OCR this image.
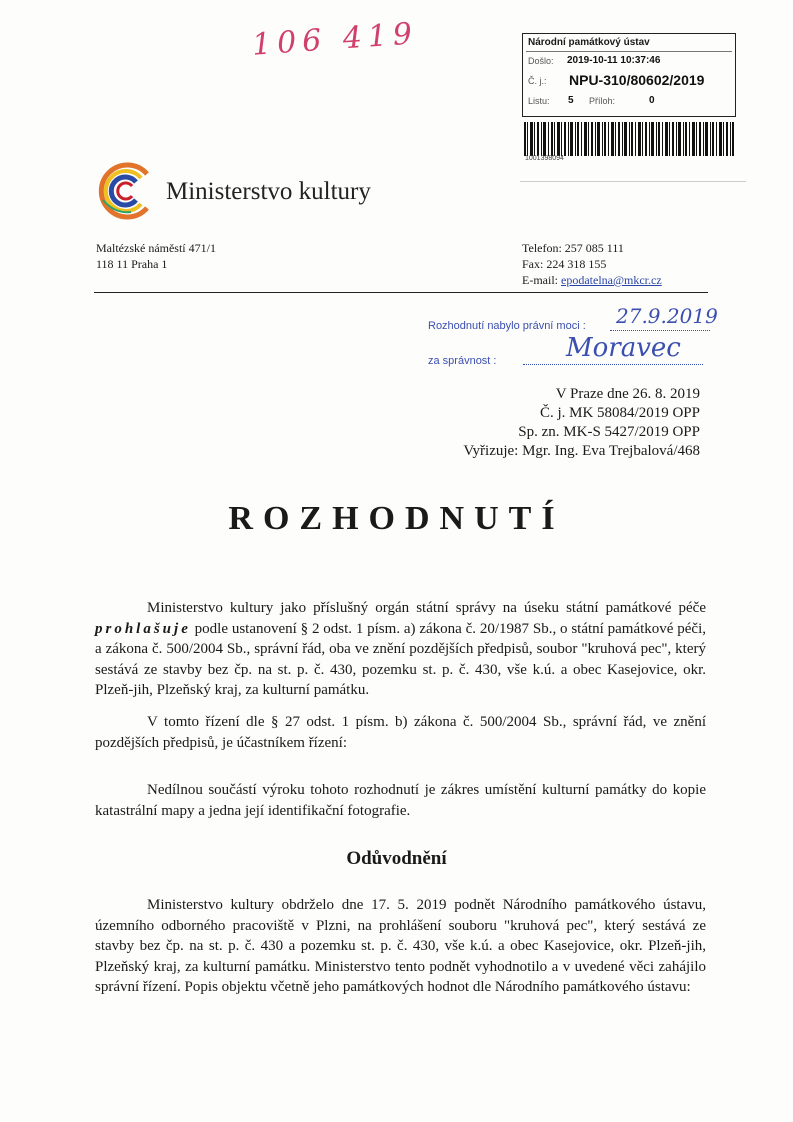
106 419	Národní památkový ústav
Došlo: 2019-10-11 10:37:46
Č. j.: NPU-310/80602/2019
Listu: 5 Příloh:	0
1001398094
Ministerstvo kultury
Maltézské náměstí 471/1
118 11 Praha 1
Telefon: 257 085 111
Fax: 224 318 155
E-mail: epodatelna@mkcr.cz
Rozhodnutí nabylo právní moci : 27.9.2019
za správnost :	Moravec
V Praze dne 26. 8. 2019
Č. j. MK 58084/2019 OPP
Sp. zn. MK-S 5427/2019 OPP
Vyřizuje: Mgr. Ing. Eva Trejbalová/468
ROZHODNUTÍ
Ministerstvo kultury jako příslušný orgán státní správy na úseku státní památkové péče prohlašuje podle ustanovení § 2 odst. 1 písm. a) zákona č. 20/1987 Sb., o státní památkové péči, a zákona č. 500/2004 Sb., správní řád, oba ve znění pozdějších předpisů, soubor "kruhová pec", který sestává ze stavby bez čp. na st. p. č. 430, pozemku st. p. č. 430, vše k.ú. a obec Kasejovice, okr. Plzeň-jih, Plzeňský kraj, za kulturní památku.
V tomto řízení dle § 27 odst. 1 písm. b) zákona č. 500/2004 Sb., správní řád, ve znění pozdějších předpisů, je účastníkem řízení:
Nedílnou součástí výroku tohoto rozhodnutí je zákres umístění kulturní památky do kopie katastrální mapy a jedna její identifikační fotografie.
Odůvodnění
Ministerstvo kultury obdrželo dne 17. 5. 2019 podnět Národního památkového ústavu, územního odborného pracoviště v Plzni, na prohlášení souboru "kruhová pec", který sestává ze stavby bez čp. na st. p. č. 430 a pozemku st. p. č. 430, vše k.ú. a obec Kasejovice, okr. Plzeň-jih, Plzeňský kraj, za kulturní památku. Ministerstvo tento podnět vyhodnotilo a v uvedené věci zahájilo správní řízení. Popis objektu včetně jeho památkových hodnot dle Národního památkového ústavu:
